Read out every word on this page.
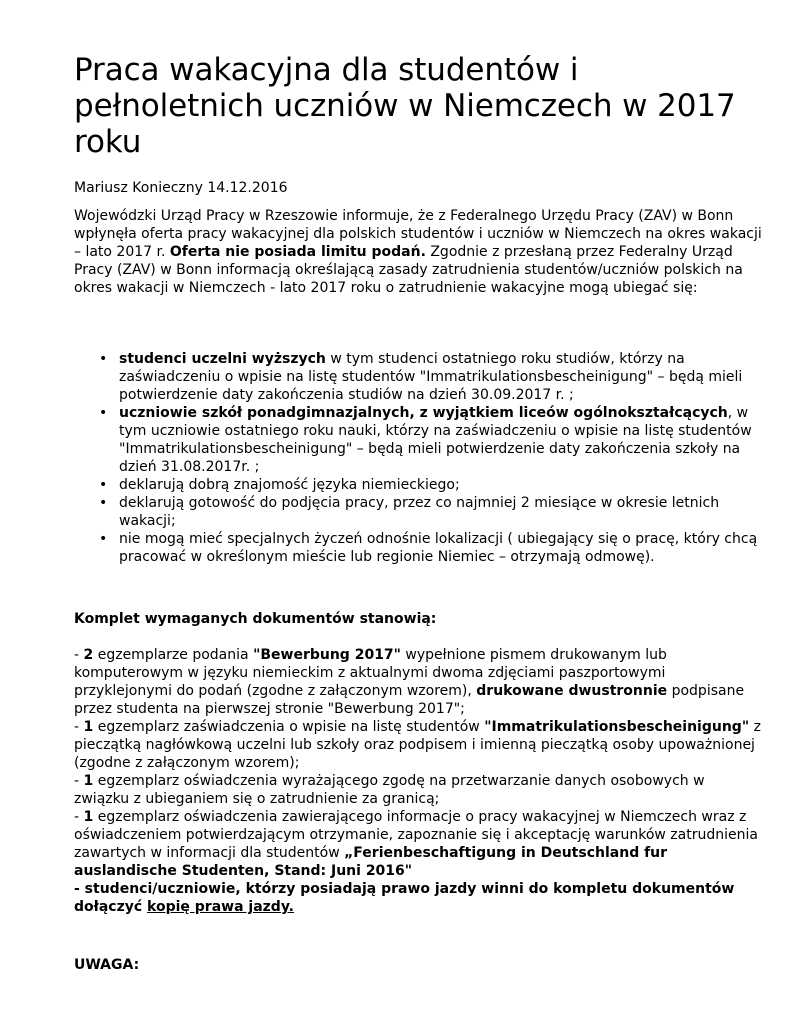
Praca wakacyjna dla studentów i pełnoletnich uczniów w Niemczech w 2017 roku
Mariusz Konieczny 14.12.2016

Wojewódzki Urząd Pracy w Rzeszowie informuje, że z Federalnego Urzędu Pracy (ZAV) w Bonn wpłynęła oferta pracy wakacyjnej dla polskich studentów i uczniów w Niemczech na okres wakacji – lato 2017 r. Oferta nie posiada limitu podań. Zgodnie z przesłaną przez Federalny Urząd Pracy (ZAV) w Bonn informacją określającą zasady zatrudnienia studentów/uczniów polskich na okres wakacji w Niemczech - lato 2017 roku o zatrudnienie wakacyjne mogą ubiegać się:

• studenci uczelni wyższych w tym studenci ostatniego roku studiów, którzy na zaświadczeniu o wpisie na listę studentów "Immatrikulationsbescheinigung" – będą mieli potwierdzenie daty zakończenia studiów na dzień 30.09.2017 r. ;
• uczniowie szkół ponadgimnazjalnych, z wyjątkiem liceów ogólnokształcących, w tym uczniowie ostatniego roku nauki, którzy na zaświadczeniu o wpisie na listę studentów "Immatrikulationsbescheinigung" – będą mieli potwierdzenie daty zakończenia szkoły na dzień 31.08.2017r. ;
• deklarują dobrą znajomość języka niemieckiego;
• deklarują gotowość do podjęcia pracy, przez co najmniej 2 miesiące w okresie letnich wakacji;
• nie mogą mieć specjalnych życzeń odnośnie lokalizacji ( ubiegający się o pracę, który chcą pracować w określonym mieście lub regionie Niemiec – otrzymają odmowę).
Komplet wymaganych dokumentów stanowią:

- 2 egzemplarze podania "Bewerbung 2017" wypełnione pismem drukowanym lub komputerowym w języku niemieckim z aktualnymi dwoma zdjęciami paszportowymi przyklejonymi do podań (zgodne z załączonym wzorem), drukowane dwustronnie podpisane przez studenta na pierwszej stronie "Bewerbung 2017";
- 1 egzemplarz zaświadczenia o wpisie na listę studentów "Immatrikulationsbescheinigung" z pieczątką nagłówkową uczelni lub szkoły oraz podpisem i imienną pieczątką osoby upoważnionej (zgodne z załączonym wzorem);
- 1 egzemplarz oświadczenia wyrażającego zgodę na przetwarzanie danych osobowych w związku z ubieganiem się o zatrudnienie za granicą;
- 1 egzemplarz oświadczenia zawierającego informacje o pracy wakacyjnej w Niemczech wraz z oświadczeniem potwierdzającym otrzymanie, zapoznanie się i akceptację warunków zatrudnienia zawartych w informacji dla studentów „Ferienbeschaftigung in Deutschland fur auslandische Studenten, Stand: Juni 2016"
- studenci/uczniowie, którzy posiadają prawo jazdy winni do kompletu dokumentów dołączyć kopię prawa jazdy.

UWAGA:
